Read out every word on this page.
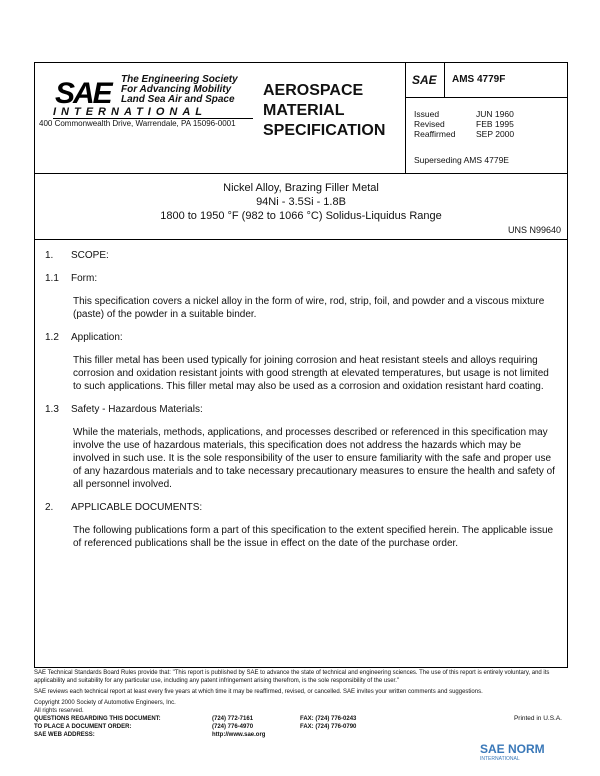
SAE The Engineering Society
For Advancing Mobility
Land Sea Air and Space
INTERNATIONAL
400 Commonwealth Drive, Warrendale, PA 15096-0001
AEROSPACE
MATERIAL
SPECIFICATION
SAE AMS 4779F
Issued	JUN 1960
Revised	FEB 1995
Reaffirmed	SEP 2000
Superseding AMS 4779E
Nickel Alloy, Brazing Filler Metal
94Ni - 3.5Si - 1.8B
1800 to 1950 °F (982 to 1066 °C) Solidus-Liquidus Range
UNS N99640
1.	SCOPE:
1.1	Form:
This specification covers a nickel alloy in the form of wire, rod, strip, foil, and powder and a viscous mixture (paste) of the powder in a suitable binder.
1.2	Application:
This filler metal has been used typically for joining corrosion and heat resistant steels and alloys requiring corrosion and oxidation resistant joints with good strength at elevated temperatures, but usage is not limited to such applications. This filler metal may also be used as a corrosion and oxidation resistant hard coating.
1.3	Safety - Hazardous Materials:
While the materials, methods, applications, and processes described or referenced in this specification may involve the use of hazardous materials, this specification does not address the hazards which may be involved in such use. It is the sole responsibility of the user to ensure familiarity with the safe and proper use of any hazardous materials and to take necessary precautionary measures to ensure the health and safety of all personnel involved.
2.	APPLICABLE DOCUMENTS:
The following publications form a part of this specification to the extent specified herein. The applicable issue of referenced publications shall be the issue in effect on the date of the purchase order.
SAE Technical Standards Board Rules provide that: "This report is published by SAE to advance the state of technical and engineering sciences. The use of this report is entirely voluntary, and its applicability and suitability for any particular use, including any patent infringement arising therefrom, is the sole responsibility of the user."
SAE reviews each technical report at least every five years at which time it may be reaffirmed, revised, or cancelled. SAE invites your written comments and suggestions.
Copyright 2000 Society of Automotive Engineers, Inc.
All rights reserved.
Printed in U.S.A.
QUESTIONS REGARDING THIS DOCUMENT:	(724) 772-7161	FAX: (724) 776-0243
TO PLACE A DOCUMENT ORDER:	(724) 776-4970	FAX: (724) 776-0790
SAE WEB ADDRESS:	http://www.sae.org
SAE NORM
INTERNATIONAL
